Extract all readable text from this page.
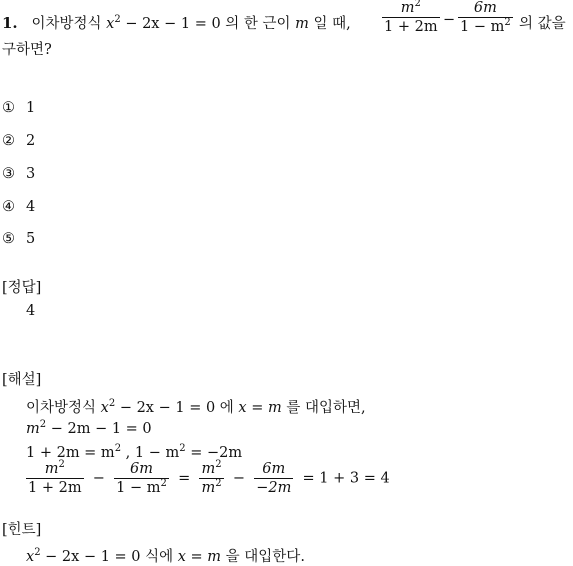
1. 이차방정식 $x^2 - 2x - 1 = 0$ 의 한 근이 m 일 때, $\frac{m^2}{1 + 2m} - \frac{6m}{1 - m^2}$ 의 값을
구하면?
① 1
② 2
③ 3
④ 4
⑤ 5
[정답]
4
[해설]
이차방정식 $x^2 - 2x - 1 = 0$ 에 x = m 를 대입하면,
$m^2 - 2m - 1 = 0$
$1 + 2m = m^2$ , $1 - m^2 = -2m$
$\frac{m^2}{1 + 2m} - \frac{6m}{1 - m^2} = \frac{m^2}{m^2} - \frac{6m}{-2m} = 1 + 3 = 4$
[힌트]
$x^2 - 2x - 1 = 0$ 식에 x = m 을 대입한다.
